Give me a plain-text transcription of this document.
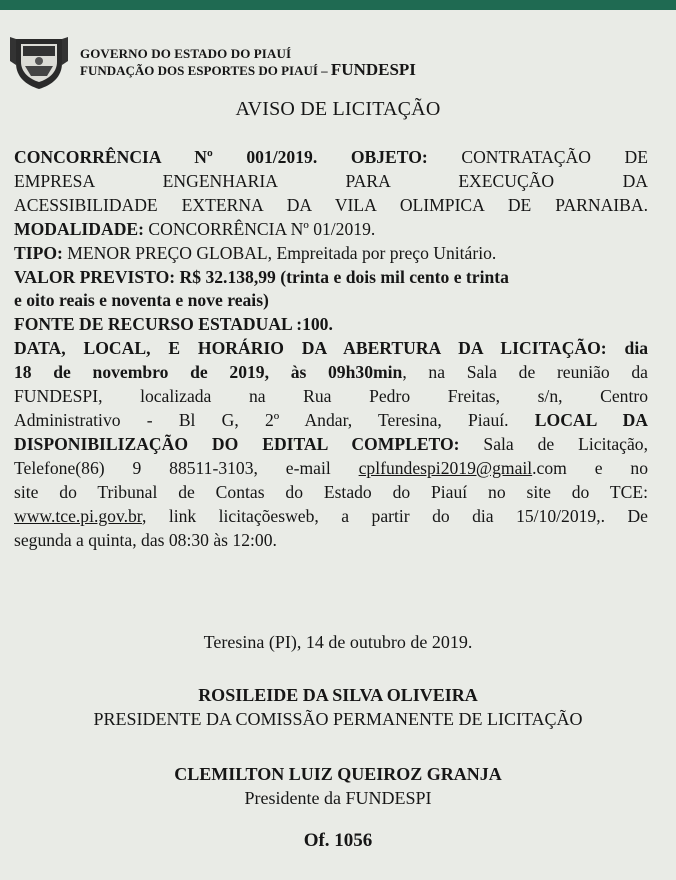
GOVERNO DO ESTADO DO PIAUÍ
FUNDAÇÃO DOS ESPORTES DO PIAUÍ – FUNDESPI
AVISO DE LICITAÇÃO

CONCORRÊNCIA Nº 001/2019. OBJETO: CONTRATAÇÃO DE

EMPRESA ENGENHARIA PARA EXECUÇÃO DA

ACESSIBILIDADE EXTERNA DA VILA OLIMPICA DE PARNAIBA.

MODALIDADE: CONCORRÊNCIA Nº 01/2019.

TIPO: MENOR PREÇO GLOBAL, Empreitada por preço Unitário.

VALOR PREVISTO: R$ 32.138,99 (trinta e dois mil cento e trinta

e oito reais e noventa e nove reais)

FONTE DE RECURSO ESTADUAL :100.

DATA, LOCAL, E HORÁRIO DA ABERTURA DA LICITAÇÃO: dia

18 de novembro de 2019, às 09h30min, na Sala de reunião da

FUNDESPI, localizada na Rua Pedro Freitas, s/n, Centro

Administrativo - Bl G, 2º Andar, Teresina, Piauí. LOCAL DA

DISPONIBILIZAÇÃO DO EDITAL COMPLETO: Sala de Licitação,

Telefone(86) 9 88511-3103, e-mail cplfundespi2019@gmail.com e no

site do Tribunal de Contas do Estado do Piauí no site do TCE:

www.tce.pi.gov.br, link licitaçõesweb, a partir do dia 15/10/2019,. De

segunda a quinta, das 08:30 às 12:00.

Teresina (PI), 14 de outubro de 2019.
ROSILEIDE DA SILVA OLIVEIRA
PRESIDENTE DA COMISSÃO PERMANENTE DE LICITAÇÃO
CLEMILTON LUIZ QUEIROZ GRANJA
Presidente da FUNDESPI
Of. 1056
